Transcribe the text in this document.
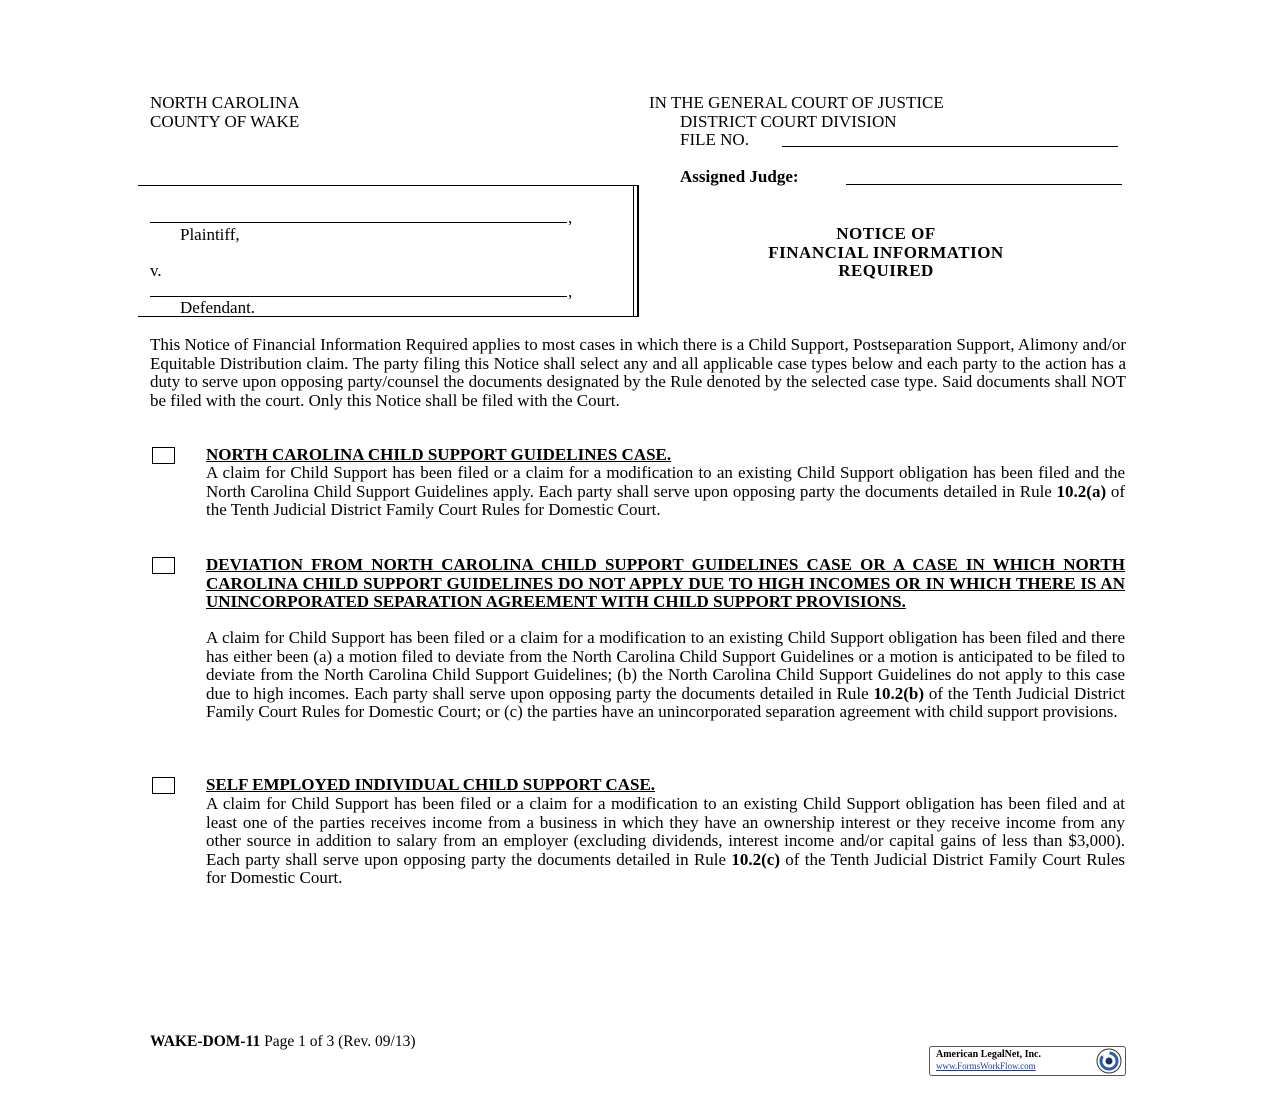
NORTH CAROLINA
COUNTY OF WAKE
IN THE GENERAL COURT OF JUSTICE
DISTRICT COURT DIVISION
FILE NO.
Assigned Judge:
,
Plaintiff,
v.
,
Defendant.
NOTICE OF
FINANCIAL INFORMATION
REQUIRED
This Notice of Financial Information Required applies to most cases in which there is a Child Support, Postseparation Support, Alimony and/or Equitable Distribution claim. The party filing this Notice shall select any and all applicable case types below and each party to the action has a duty to serve upon opposing party/counsel the documents designated by the Rule denoted by the selected case type. Said documents shall NOT be filed with the court. Only this Notice shall be filed with the Court.
NORTH CAROLINA CHILD SUPPORT GUIDELINES CASE.
A claim for Child Support has been filed or a claim for a modification to an existing Child Support obligation has been filed and the North Carolina Child Support Guidelines apply. Each party shall serve upon opposing party the documents detailed in Rule 10.2(a) of the Tenth Judicial District Family Court Rules for Domestic Court.
DEVIATION FROM NORTH CAROLINA CHILD SUPPORT GUIDELINES CASE OR A CASE IN WHICH NORTH CAROLINA CHILD SUPPORT GUIDELINES DO NOT APPLY DUE TO HIGH INCOMES OR IN WHICH THERE IS AN UNINCORPORATED SEPARATION AGREEMENT WITH CHILD SUPPORT PROVISIONS.
A claim for Child Support has been filed or a claim for a modification to an existing Child Support obligation has been filed and there has either been (a) a motion filed to deviate from the North Carolina Child Support Guidelines or a motion is anticipated to be filed to deviate from the North Carolina Child Support Guidelines; (b) the North Carolina Child Support Guidelines do not apply to this case due to high incomes. Each party shall serve upon opposing party the documents detailed in Rule 10.2(b) of the Tenth Judicial District Family Court Rules for Domestic Court; or (c) the parties have an unincorporated separation agreement with child support provisions.
SELF EMPLOYED INDIVIDUAL CHILD SUPPORT CASE.
A claim for Child Support has been filed or a claim for a modification to an existing Child Support obligation has been filed and at least one of the parties receives income from a business in which they have an ownership interest or they receive income from any other source in addition to salary from an employer (excluding dividends, interest income and/or capital gains of less than $3,000). Each party shall serve upon opposing party the documents detailed in Rule 10.2(c) of the Tenth Judicial District Family Court Rules for Domestic Court.
WAKE-DOM-11 Page 1 of 3 (Rev. 09/13)
American LegalNet, Inc.
www.FormsWorkFlow.com
